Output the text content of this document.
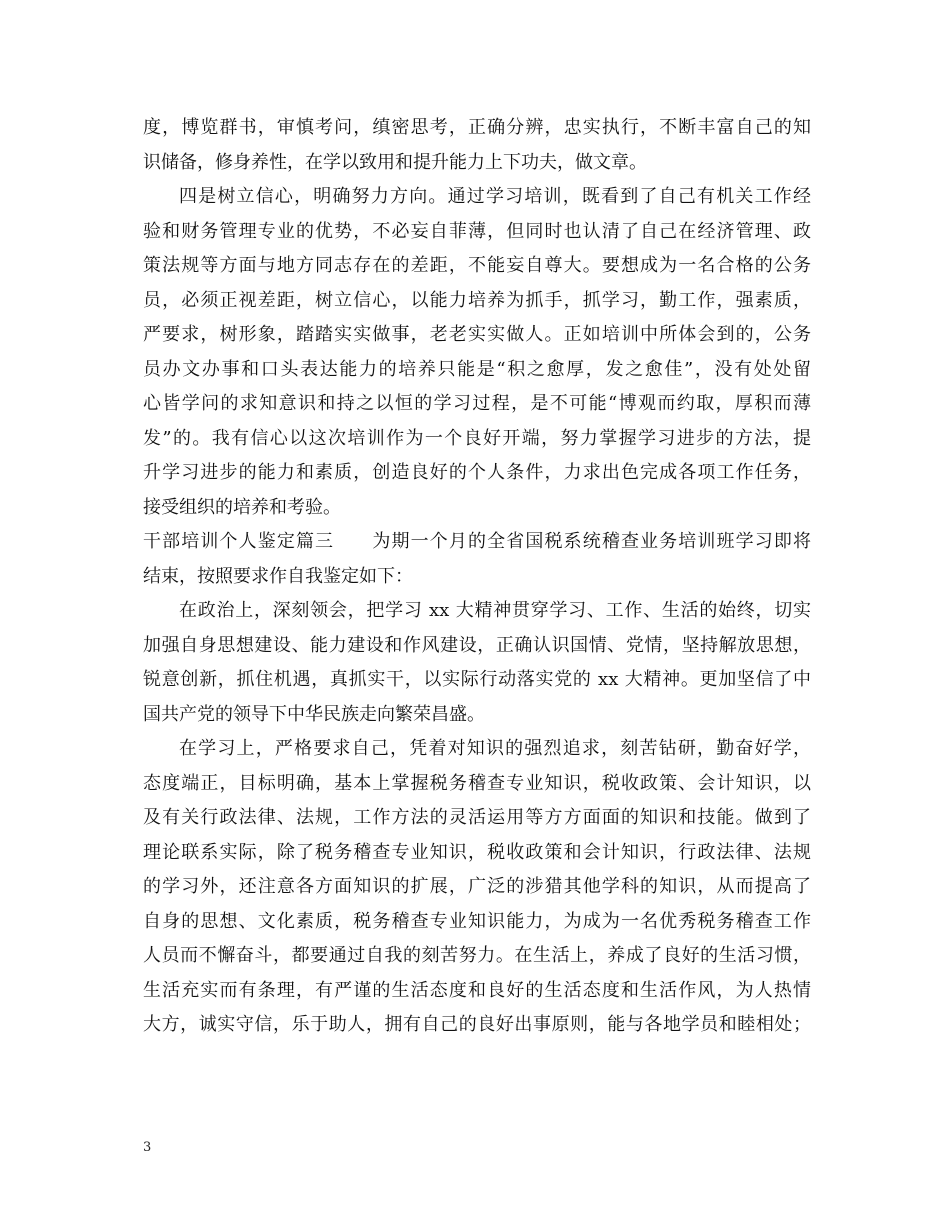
度，博览群书，审慎考问，缜密思考，正确分辨，忠实执行，不断丰富自己的知
识储备，修身养性，在学以致用和提升能力上下功夫，做文章。
四是树立信心，明确努力方向。通过学习培训，既看到了自己有机关工作经
验和财务管理专业的优势，不必妄自菲薄，但同时也认清了自己在经济管理、政
策法规等方面与地方同志存在的差距，不能妄自尊大。要想成为一名合格的公务
员，必须正视差距，树立信心，以能力培养为抓手，抓学习，勤工作，强素质，
严要求，树形象，踏踏实实做事，老老实实做人。正如培训中所体会到的，公务
员办文办事和口头表达能力的培养只能是“积之愈厚，发之愈佳”，没有处处留
心皆学问的求知意识和持之以恒的学习过程，是不可能“博观而约取，厚积而薄
发”的。我有信心以这次培训作为一个良好开端，努力掌握学习进步的方法，提
升学习进步的能力和素质，创造良好的个人条件，力求出色完成各项工作任务，
接受组织的培养和考验。
干部培训个人鉴定篇三　　为期一个月的全省国税系统稽查业务培训班学习即将
结束，按照要求作自我鉴定如下：
在政治上，深刻领会，把学习 xx 大精神贯穿学习、工作、生活的始终，切实
加强自身思想建设、能力建设和作风建设，正确认识国情、党情，坚持解放思想，
锐意创新，抓住机遇，真抓实干，以实际行动落实党的 xx 大精神。更加坚信了中
国共产党的领导下中华民族走向繁荣昌盛。
在学习上，严格要求自己，凭着对知识的强烈追求，刻苦钻研，勤奋好学，
态度端正，目标明确，基本上掌握税务稽查专业知识，税收政策、会计知识，以
及有关行政法律、法规，工作方法的灵活运用等方方面面的知识和技能。做到了
理论联系实际，除了税务稽查专业知识，税收政策和会计知识，行政法律、法规
的学习外，还注意各方面知识的扩展，广泛的涉猎其他学科的知识，从而提高了
自身的思想、文化素质，税务稽查专业知识能力，为成为一名优秀税务稽查工作
人员而不懈奋斗，都要通过自我的刻苦努力。在生活上，养成了良好的生活习惯，
生活充实而有条理，有严谨的生活态度和良好的生活态度和生活作风，为人热情
大方，诚实守信，乐于助人，拥有自己的良好出事原则，能与各地学员和睦相处；
3
